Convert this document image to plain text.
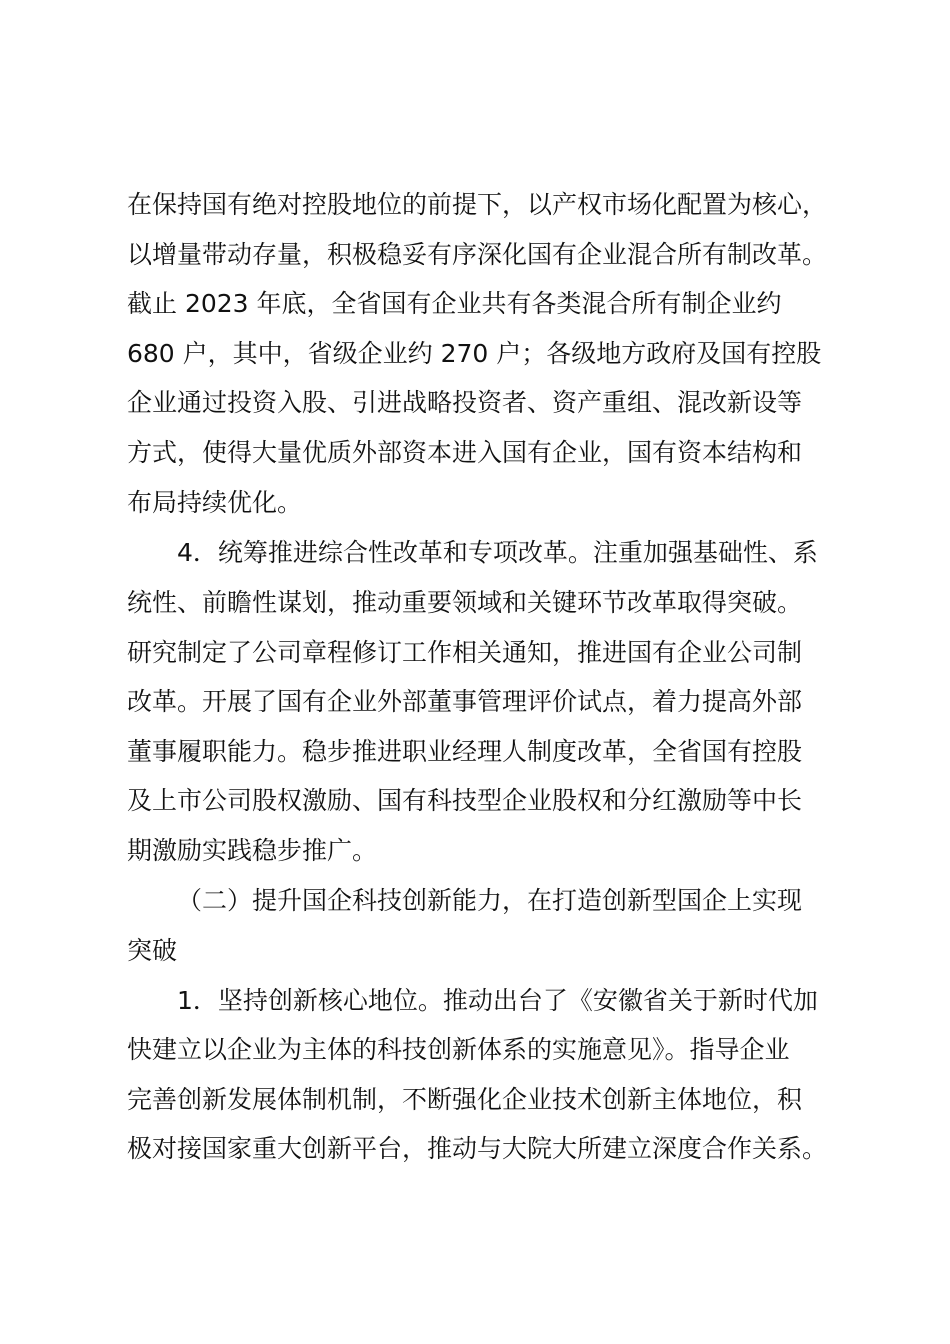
在保持国有绝对控股地位的前提下，以产权市场化配置为核心，
以增量带动存量，积极稳妥有序深化国有企业混合所有制改革。
截止 2023 年底，全省国有企业共有各类混合所有制企业约
680 户，其中，省级企业约 270 户；各级地方政府及国有控股
企业通过投资入股、引进战略投资者、资产重组、混改新设等
方式，使得大量优质外部资本进入国有企业，国有资本结构和
布局持续优化。
4．统筹推进综合性改革和专项改革。注重加强基础性、系
统性、前瞻性谋划，推动重要领域和关键环节改革取得突破。
研究制定了公司章程修订工作相关通知，推进国有企业公司制
改革。开展了国有企业外部董事管理评价试点，着力提高外部
董事履职能力。稳步推进职业经理人制度改革，全省国有控股
及上市公司股权激励、国有科技型企业股权和分红激励等中长
期激励实践稳步推广。
（二）提升国企科技创新能力，在打造创新型国企上实现
突破
1．坚持创新核心地位。推动出台了《安徽省关于新时代加
快建立以企业为主体的科技创新体系的实施意见》。指导企业
完善创新发展体制机制，不断强化企业技术创新主体地位，积
极对接国家重大创新平台，推动与大院大所建立深度合作关系。
